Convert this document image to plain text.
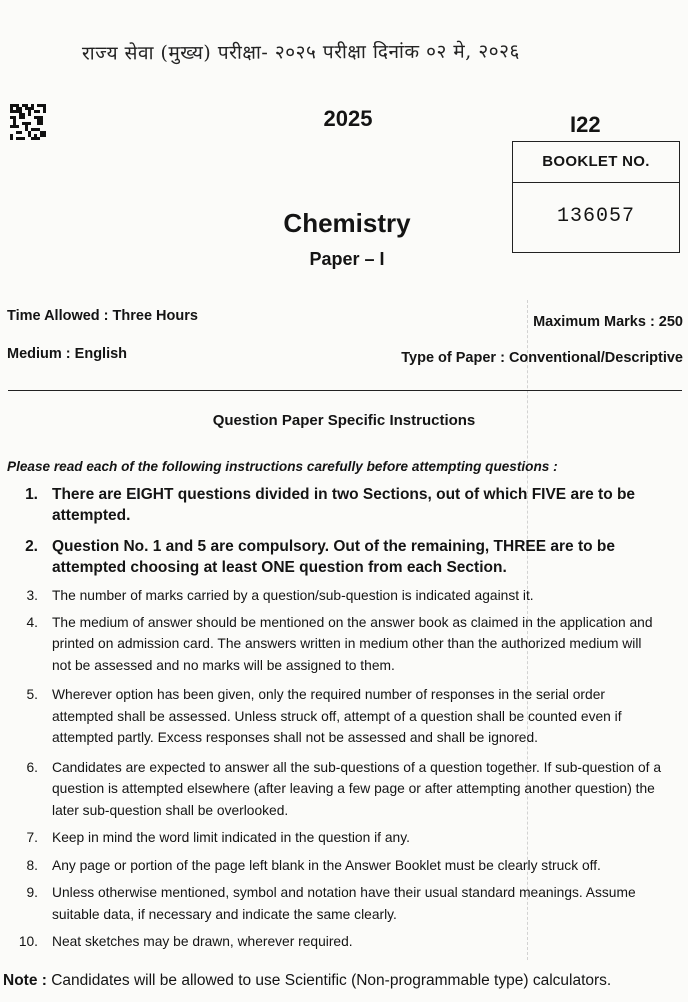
राज्य सेवा (मुख्य) परीक्षा- २०२५ परीक्षा दिनांक ०२ मे, २०२६
2025	I22
BOOKLET NO.
136057
Chemistry
Paper – I
Time Allowed : Three Hours	Maximum Marks : 250
Medium : English	Type of Paper : Conventional/Descriptive
Question Paper Specific Instructions
Please read each of the following instructions carefully before attempting questions :
1. There are EIGHT questions divided in two Sections, out of which FIVE are to be attempted.
2. Question No. 1 and 5 are compulsory. Out of the remaining, THREE are to be attempted choosing at least ONE question from each Section.
3. The number of marks carried by a question/sub-question is indicated against it.
4. The medium of answer should be mentioned on the answer book as claimed in the application and printed on admission card. The answers written in medium other than the authorized medium will not be assessed and no marks will be assigned to them.
5. Wherever option has been given, only the required number of responses in the serial order attempted shall be assessed. Unless struck off, attempt of a question shall be counted even if attempted partly. Excess responses shall not be assessed and shall be ignored.
6. Candidates are expected to answer all the sub-questions of a question together. If sub-question of a question is attempted elsewhere (after leaving a few page or after attempting another question) the later sub-question shall be overlooked.
7. Keep in mind the word limit indicated in the question if any.
8. Any page or portion of the page left blank in the Answer Booklet must be clearly struck off.
9. Unless otherwise mentioned, symbol and notation have their usual standard meanings. Assume suitable data, if necessary and indicate the same clearly.
10. Neat sketches may be drawn, wherever required.
Note : Candidates will be allowed to use Scientific (Non-programmable type) calculators.
